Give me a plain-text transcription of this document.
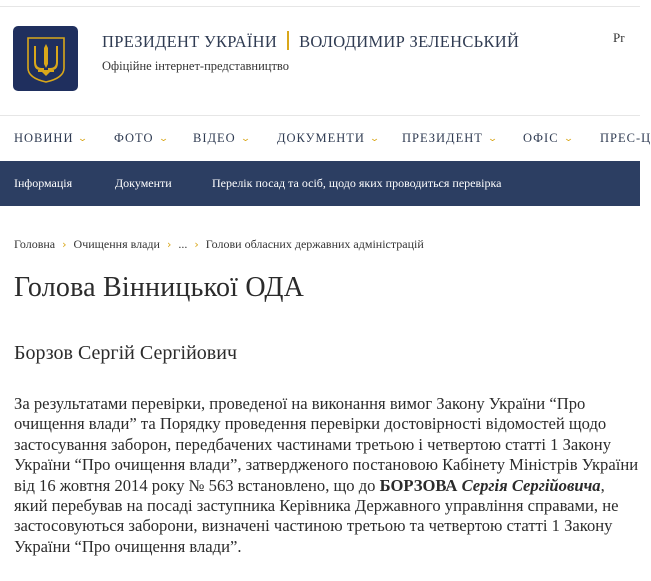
ПРЕЗИДЕНТ УКРАЇНИ ВОЛОДИМИР ЗЕЛЕНСЬКИЙ
Офіційне інтернет-представництво
Pr
НОВИНИ ⌄ ФОТО ⌄ ВІДЕО ⌄ ДОКУМЕНТИ ⌄ ПРЕЗИДЕНТ ⌄ ОФІС ⌄ ПРЕС-Ц
Інформація	Документи	Перелік посад та осіб, щодо яких проводиться перевірка
Головна › Очищення влади › ... › Голови обласних державних адміністрацій
Голова Вінницької ОДА
Борзов Сергій Сергійович
За результатами перевірки, проведеної на виконання вимог Закону України “Про
очищення влади” та Порядку проведення перевірки достовірності відомостей щодо
застосування заборон, передбачених частинами третьою і четвертою статті 1 Закону
України “Про очищення влади”, затвердженого постановою Кабінету Міністрів України
від 16 жовтня 2014 року № 563 встановлено, що до БОРЗОВА Сергія Сергійовича,
який перебував на посаді заступника Керівника Державного управління справами, не
застосовуються заборони, визначені частиною третьою та четвертою статті 1 Закону
України “Про очищення влади”.
